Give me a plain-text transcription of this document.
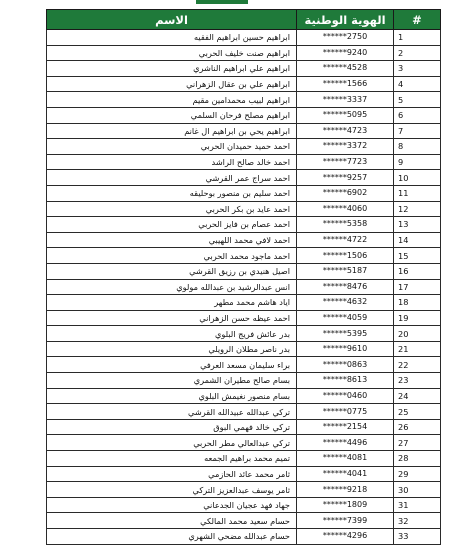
#	الهوية الوطنية	الاسم
1	******2750	ابراهيم حسين ابراهيم الفقيه
2	******9240	ابراهيم صنت خليف الحربي
3	******4528	ابراهيم علي ابراهيم الناشري
4	******1566	ابراهيم علي بن عقال الزهراني
5	******3337	ابراهيم لبيب محمدامين مقيم
6	******5095	ابراهيم مصلح فرحان السلمي
7	******4723	ابراهيم يحي بن ابراهيم ال غانم
8	******3372	احمد حميد حميدان الحربي
9	******7723	احمد خالد صالح الراشد
10	******9257	احمد سراج عمر القرشي
11	******6902	احمد سليم بن منصور بوحليقه
12	******4060	احمد عايد بن بكر الحربي
13	******5358	احمد عصام بن فايز الحربي
14	******4722	احمد لافي محمد اللهيبي
15	******1506	احمد ماجود محمد الحربي
16	******5187	اصيل هنيدي بن رزيق القرشي
17	******8476	انس عبدالرشيد بن عبدالله مولوي
18	******4632	اياد هاشم محمد مطهر
19	******4059	احمد عيظه حسن الزهراني
20	******5395	بدر عائش فريج البلوي
21	******9610	بدر ناصر مطلان الرويلي
22	******0863	براء سليمان مسعد العرفي
23	******8613	بسام صالح مطيران الشمري
24	******0460	بسام منصور نغيمش البلوي
25	******0775	تركي عبدالله عبيدالله القرشي
26	******2154	تركي خالد فهمي البوق
27	******4496	تركي عبدالعالي مطر الحربي
28	******4081	تميم محمد براهيم الجمعه
29	******4041	ثامر محمد عائد الحازمي
30	******9218	ثامر يوسف عبدالعزيز التركي
31	******1809	جهاد فهد عجيان الجدعاني
32	******7399	حسام سعيد محمد المالكي
33	******4296	حسام عبدالله مضحي الشهري
